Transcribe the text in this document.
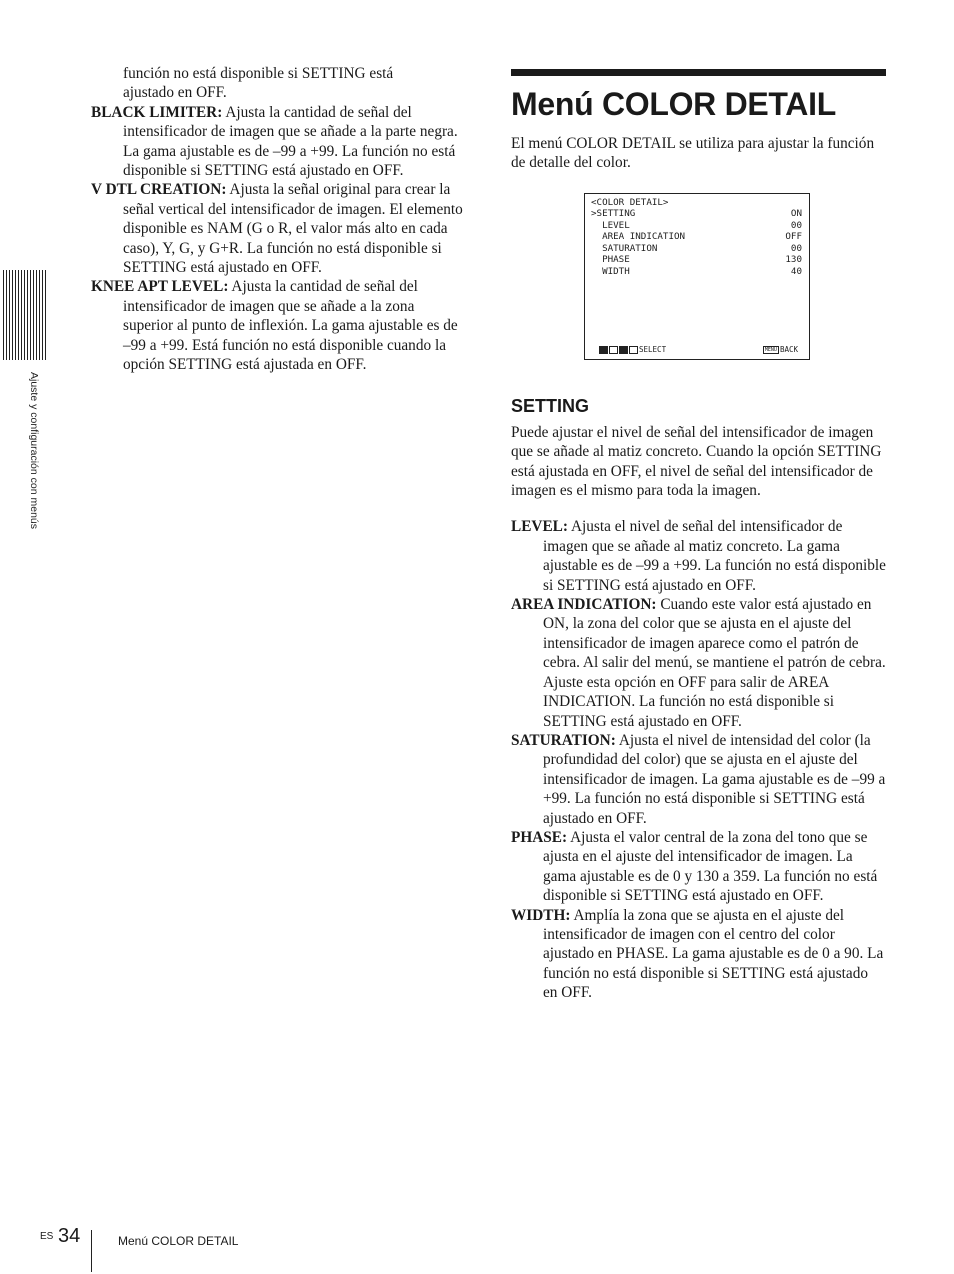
Ajuste y configuración con menús

función no está disponible si SETTING está

ajustado en OFF.

BLACK LIMITER: Ajusta la cantidad de señal del intensificador de imagen que se añade a la parte negra. La gama ajustable es de –99 a +99. La función no está disponible si SETTING está ajustado en OFF.

V DTL CREATION: Ajusta la señal original para crear la señal vertical del intensificador de imagen. El elemento disponible es NAM (G o R, el valor más alto en cada caso), Y, G, y G+R. La función no está disponible si SETTING está ajustado en OFF.

KNEE APT LEVEL: Ajusta la cantidad de señal del intensificador de imagen que se añade a la zona superior al punto de inflexión. La gama ajustable es de –99 a +99. Está función no está disponible cuando la opción SETTING está ajustada en OFF.

Menú COLOR DETAIL

El menú COLOR DETAIL se utiliza para ajustar la función de detalle del color.

SETTING

Puede ajustar el nivel de señal del intensificador de imagen que se añade al matiz concreto. Cuando la opción SETTING está ajustada en OFF, el nivel de señal del intensificador de imagen es el mismo para toda la imagen.

LEVEL: Ajusta el nivel de señal del intensificador de imagen que se añade al matiz concreto. La gama ajustable es de –99 a +99. La función no está disponible si SETTING está ajustado en OFF.

AREA INDICATION: Cuando este valor está ajustado en ON, la zona del color que se ajusta en el ajuste del intensificador de imagen aparece como el patrón de cebra. Al salir del menú, se mantiene el patrón de cebra. Ajuste esta opción en OFF para salir de AREA INDICATION. La función no está disponible si SETTING está ajustado en OFF.

SATURATION: Ajusta el nivel de intensidad del color (la profundidad del color) que se ajusta en el ajuste del intensificador de imagen. La gama ajustable es de –99 a +99. La función no está disponible si SETTING está ajustado en OFF.

PHASE: Ajusta el valor central de la zona del tono que se ajusta en el ajuste del intensificador de imagen. La gama ajustable es de 0 y 130 a 359. La función no está disponible si SETTING está ajustado en OFF.

WIDTH: Amplía la zona que se ajusta en el ajuste del intensificador de imagen con el centro del color ajustado en PHASE. La gama ajustable es de 0 a 90. La función no está disponible si SETTING está ajustado en OFF.

<COLOR DETAIL>
>SETTING	ON
LEVEL	00
AREA INDICATION	OFF
SATURATION	00
PHASE	130
WIDTH	40
SELECT	MENU BACK
ES 34	Menú COLOR DETAIL
